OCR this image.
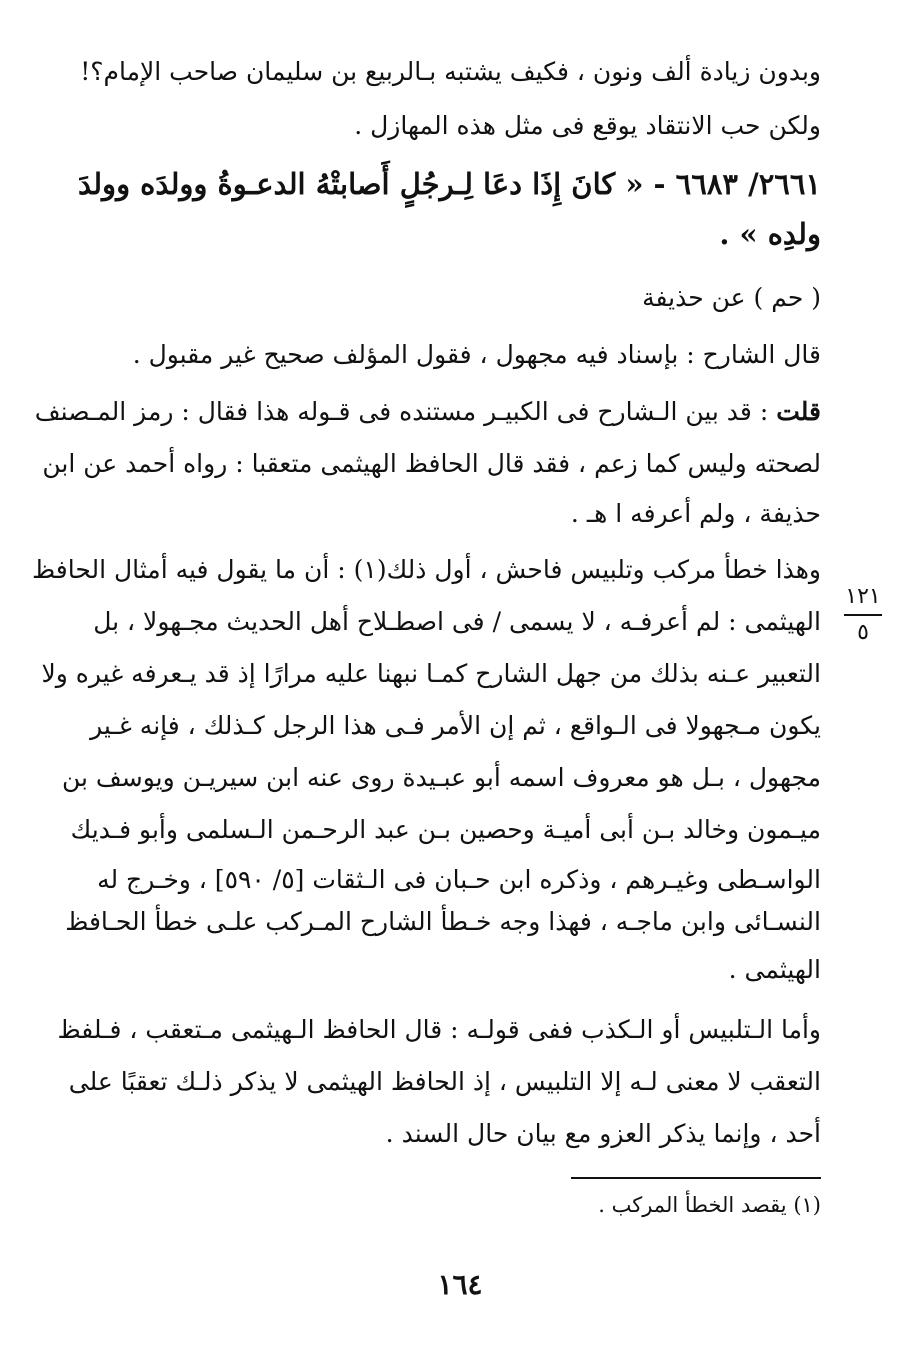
وبدون زيادة ألف ونون ، فكيف يشتبه بـالربيع بن سليمان صاحب الإمام؟!
ولكن حب الانتقاد يوقع فى مثل هذه المهازل .
٢٦٦١/ ٦٦٨٣ - « كانَ إِذَا دعَا لِـرجُلٍ أَصابتْهُ الدعـوةُ وولدَه وولدَ
ولدِه » .
( حم ) عن حذيفة
قال الشارح : بإسناد فيه مجهول ، فقول المؤلف صحيح غير مقبول .
قلت : قد بين الـشارح فى الكبيـر مستنده فى قـوله هذا فقال : رمز المـصنف
لصحته وليس كما زعم ، فقد قال الحافظ الهيثمى متعقبا : رواه أحمد عن ابن
حذيفة ، ولم أعرفه ا هـ .
وهذا خطأ مركب وتلبيس فاحش ، أول ذلك(١) : أن ما يقول فيه أمثال الحافظ
الهيثمى : لم أعرفـه ، لا يسمى / فى اصطـلاح أهل الحديث مجـهولا ، بل
التعبير عـنه بذلك من جهل الشارح كمـا نبهنا عليه مرارًا إذ قد يـعرفه غيره ولا
يكون مـجهولا فى الـواقع ، ثم إن الأمر فـى هذا الرجل كـذلك ، فإنه غـير
مجهول ، بـل هو معروف اسمه أبو عبـيدة روى عنه ابن سيريـن ويوسف بن
ميـمون وخالد بـن أبى أميـة وحصين بـن عبد الرحـمن الـسلمى وأبو فـديك
الواسـطى وغيـرهم ، وذكره ابن حـبان فى الـثقات [٥/ ٥٩٠] ، وخـرج له
النسـائى وابن ماجـه ، فهذا وجه خـطأ الشارح المـركب علـى خطأ الحـافظ
الهيثمى .
وأما الـتلبيس أو الـكذب ففى قولـه : قال الحافظ الـهيثمى مـتعقب ، فـلفظ
التعقب لا معنى لـه إلا التلبيس ، إذ الحافظ الهيثمى لا يذكر ذلـك تعقبًا على
أحد ، وإنما يذكر العزو مع بيان حال السند .
١٢١
٥
(١) يقصد الخطأ المركب .
١٦٤
